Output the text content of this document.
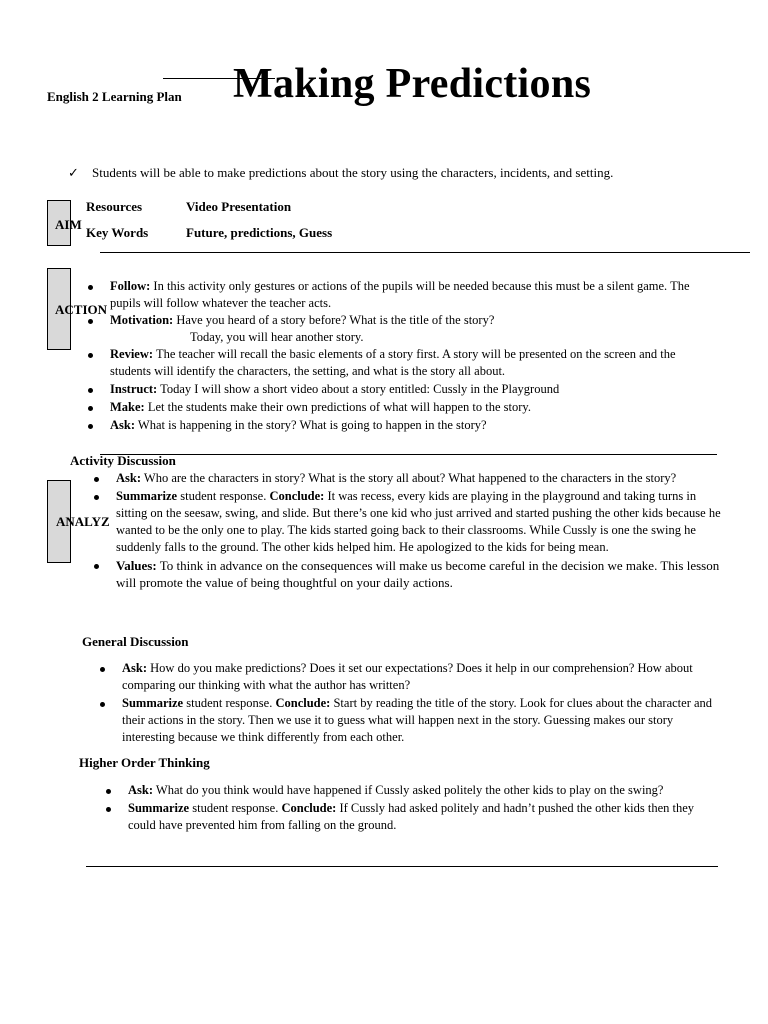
English 2 Learning Plan Making Predictions
✓ Students will be able to make predictions about the story using the characters, incidents, and setting.
AIM
Resources	Video Presentation
Key Words	Future, predictions, Guess
ACTION
Follow: In this activity only gestures or actions of the pupils will be needed because this must be a silent game. The pupils will follow whatever the teacher acts.
Motivation: Have you heard of a story before? What is the title of the story?
Today, you will hear another story.
Review: The teacher will recall the basic elements of a story first. A story will be presented on the screen and the students will identify the characters, the setting, and what is the story all about.
Instruct: Today I will show a short video about a story entitled: Cussly in the Playground
Make: Let the students make their own predictions of what will happen to the story.
Ask: What is happening in the story? What is going to happen in the story?
Activity Discussion
ANALYZ
Ask: Who are the characters in story? What is the story all about? What happened to the characters in the story?
Summarize student response. Conclude: It was recess, every kids are playing in the playground and taking turns in sitting on the seesaw, swing, and slide. But there’s one kid who just arrived and started pushing the other kids because he wanted to be the only one to play. The kids started going back to their classrooms. While Cussly is one the swing he suddenly falls to the ground. The other kids helped him. He apologized to the kids for being mean.
Values: To think in advance on the consequences will make us become careful in the decision we make. This lesson will promote the value of being thoughtful on your daily actions.
General Discussion
Ask: How do you make predictions? Does it set our expectations? Does it help in our comprehension? How about comparing our thinking with what the author has written?
Summarize student response. Conclude: Start by reading the title of the story. Look for clues about the character and their actions in the story. Then we use it to guess what will happen next in the story. Guessing makes our story interesting because we think differently from each other.
Higher Order Thinking
Ask: What do you think would have happened if Cussly asked politely the other kids to play on the swing?
Summarize student response. Conclude: If Cussly had asked politely and hadn’t pushed the other kids then they could have prevented him from falling on the ground.
